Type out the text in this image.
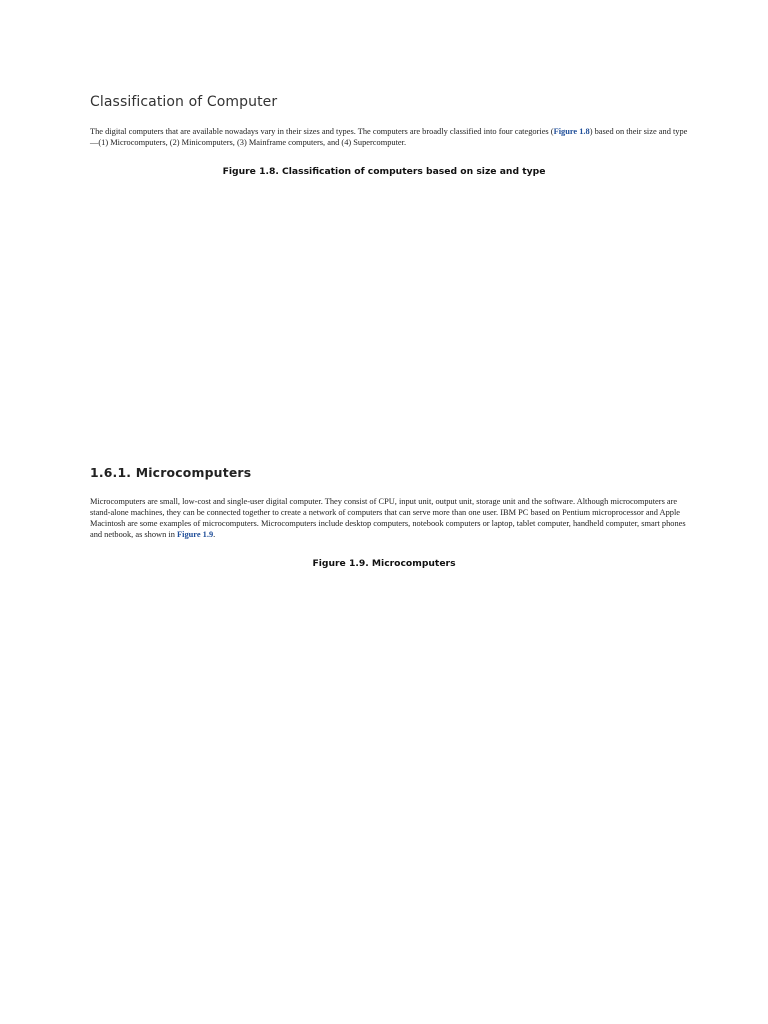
Classification of Computer

The digital computers that are available nowadays vary in their sizes and types. The computers are broadly classified into four categories (Figure 1.8) based on their size and type—(1) Microcomputers, (2) Minicomputers, (3) Mainframe computers, and (4) Supercomputer.

Figure 1.8. Classification of computers based on size and type

1.6.1. Microcomputers

Microcomputers are small, low-cost and single-user digital computer. They consist of CPU, input unit, output unit, storage unit and the software. Although microcomputers are stand-alone machines, they can be connected together to create a network of computers that can serve more than one user. IBM PC based on Pentium microprocessor and Apple Macintosh are some examples of microcomputers. Microcomputers include desktop computers, notebook computers or laptop, tablet computer, handheld computer, smart phones and netbook, as shown in Figure 1.9.

Figure 1.9. Microcomputers
